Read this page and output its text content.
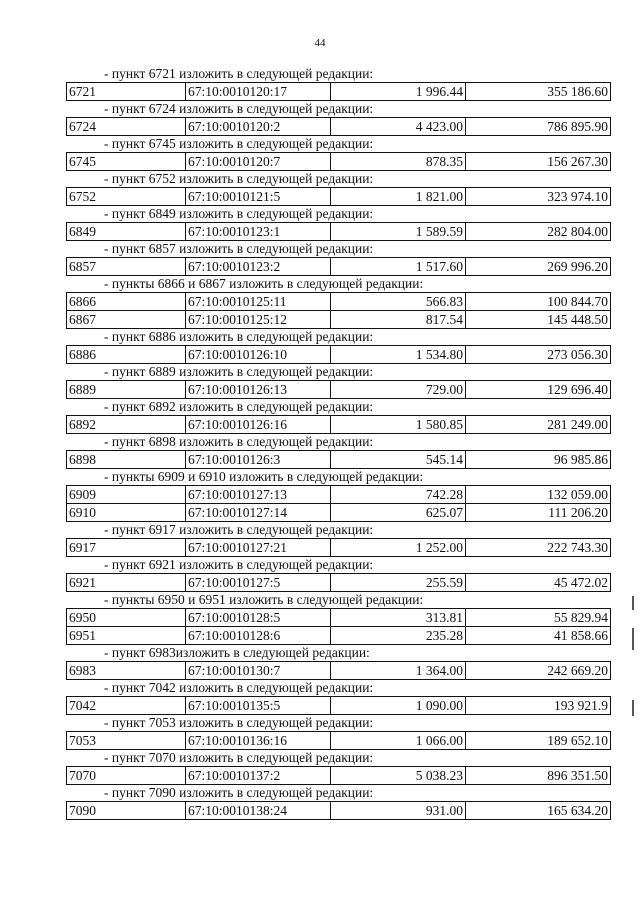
44
- пункт 6721 изложить в следующей редакции:
6721	67:10:0010120:17	1 996.44	355 186.60
- пункт 6724 изложить в следующей редакции:
6724	67:10:0010120:2	4 423.00	786 895.90
- пункт 6745 изложить в следующей редакции:
6745	67:10:0010120:7	878.35	156 267.30
- пункт 6752 изложить в следующей редакции:
6752	67:10:0010121:5	1 821.00	323 974.10
- пункт 6849 изложить в следующей редакции:
6849	67:10:0010123:1	1 589.59	282 804.00
- пункт 6857 изложить в следующей редакции:
6857	67:10:0010123:2	1 517.60	269 996.20
- пункты 6866 и 6867 изложить в следующей редакции:
6866	67:10:0010125:11	566.83	100 844.70
6867	67:10:0010125:12	817.54	145 448.50
- пункт 6886 изложить в следующей редакции:
6886	67:10:0010126:10	1 534.80	273 056.30
- пункт 6889 изложить в следующей редакции:
6889	67:10:0010126:13	729.00	129 696.40
- пункт 6892 изложить в следующей редакции:
6892	67:10:0010126:16	1 580.85	281 249.00
- пункт 6898 изложить в следующей редакции:
6898	67:10:0010126:3	545.14	96 985.86
- пункты 6909 и 6910 изложить в следующей редакции:
6909	67:10:0010127:13	742.28	132 059.00
6910	67:10:0010127:14	625.07	111 206.20
- пункт 6917 изложить в следующей редакции:
6917	67:10:0010127:21	1 252.00	222 743.30
- пункт 6921 изложить в следующей редакции:
6921	67:10:0010127:5	255.59	45 472.02
- пункты 6950 и 6951 изложить в следующей редакции:
6950	67:10:0010128:5	313.81	55 829.94
6951	67:10:0010128:6	235.28	41 858.66
- пункт 6983изложить в следующей редакции:
6983	67:10:0010130:7	1 364.00	242 669.20
- пункт 7042 изложить в следующей редакции:
7042	67:10:0010135:5	1 090.00	193 921.9
- пункт 7053 изложить в следующей редакции:
7053	67:10:0010136:16	1 066.00	189 652.10
- пункт 7070 изложить в следующей редакции:
7070	67:10:0010137:2	5 038.23	896 351.50
- пункт 7090 изложить в следующей редакции:
7090	67:10:0010138:24	931.00	165 634.20
